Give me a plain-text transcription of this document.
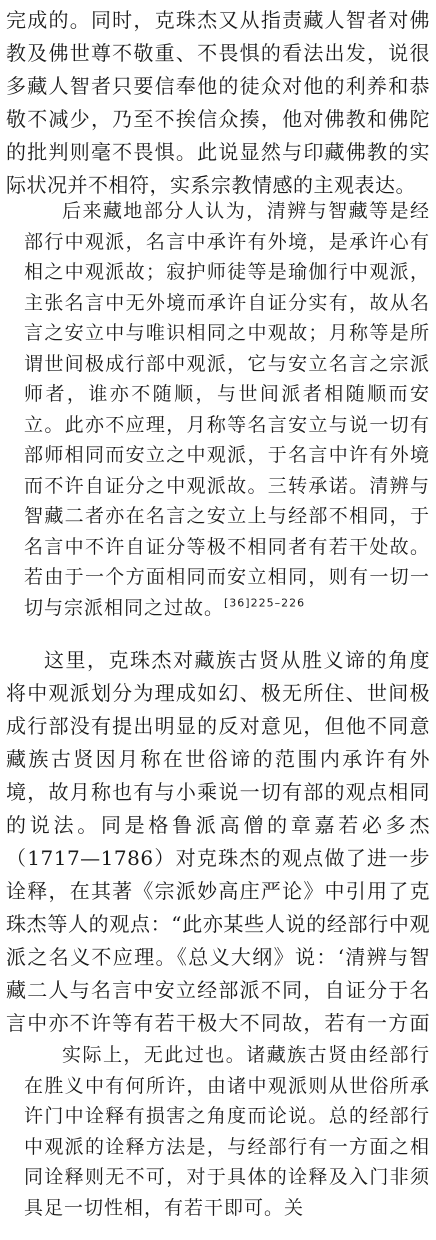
完成的。同时，克珠杰又从指责藏人智者对佛教及佛世尊不敬重、不畏惧的看法出发，说很多藏人智者只要信奉他的徒众对他的利养和恭敬不减少，乃至不挨信众揍，他对佛教和佛陀的批判则毫不畏惧。此说显然与印藏佛教的实际状况并不相符，实系宗教情感的主观表达。

后来藏地部分人认为，清辨与智藏等是经部行中观派，名言中承许有外境，是承许心有相之中观派故；寂护师徒等是瑜伽行中观派，主张名言中无外境而承许自证分实有，故从名言之安立中与唯识相同之中观故；月称等是所谓世间极成行部中观派，它与安立名言之宗派师者，谁亦不随顺，与世间派者相随顺而安立。此亦不应理，月称等名言安立与说一切有部师相同而安立之中观派，于名言中许有外境而不许自证分之中观派故。三转承诺。清辨与智藏二者亦在名言之安立上与经部不相同，于名言中不许自证分等极不相同者有若干处故。若由于一个方面相同而安立相同，则有一切一切与宗派相同之过故。$^{[36]225-226}$

这里，克珠杰对藏族古贤从胜义谛的角度将中观派划分为理成如幻、极无所住、世间极成行部没有提出明显的反对意见，但他不同意藏族古贤因月称在世俗谛的范围内承许有外境，故月称也有与小乘说一切有部的观点相同的说法。同是格鲁派高僧的章嘉若必多杰（1717—1786）对克珠杰的观点做了进一步诠释，在其著《宗派妙高庄严论》中引用了克珠杰等人的观点：“此亦某些人说的经部行中观派之名义不应理。《总义大纲》说：‘清辨与智藏二人与名言中安立经部派不同，自证分于名言中亦不许等有若干极大不同故，若有一方面

实际上，无此过也。诸藏族古贤由经部行在胜义中有何所许，由诸中观派则从世俗所承许门中诠释有损害之角度而论说。总的经部行中观派的诠释方法是，与经部行有一方面之相同诠释则无不可，对于具体的诠释及入门非须具足一切性相，有若干即可。关
